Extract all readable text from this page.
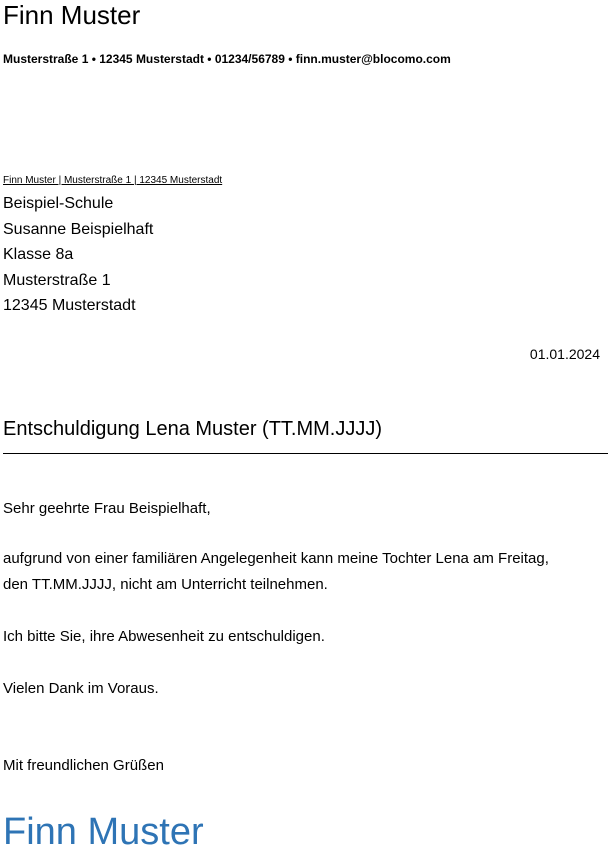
Finn Muster
Musterstraße 1 • 12345 Musterstadt • 01234/56789 • finn.muster@blocomo.com
Finn Muster | Musterstraße 1 | 12345 Musterstadt
Beispiel-Schule
Susanne Beispielhaft
Klasse 8a
Musterstraße 1
12345 Musterstadt
01.01.2024
Entschuldigung Lena Muster (TT.MM.JJJJ)

Sehr geehrte Frau Beispielhaft,

aufgrund von einer familiären Angelegenheit kann meine Tochter Lena am Freitag,

den TT.MM.JJJJ, nicht am Unterricht teilnehmen.

Ich bitte Sie, ihre Abwesenheit zu entschuldigen.

Vielen Dank im Voraus.

Mit freundlichen Grüßen

Finn Muster
